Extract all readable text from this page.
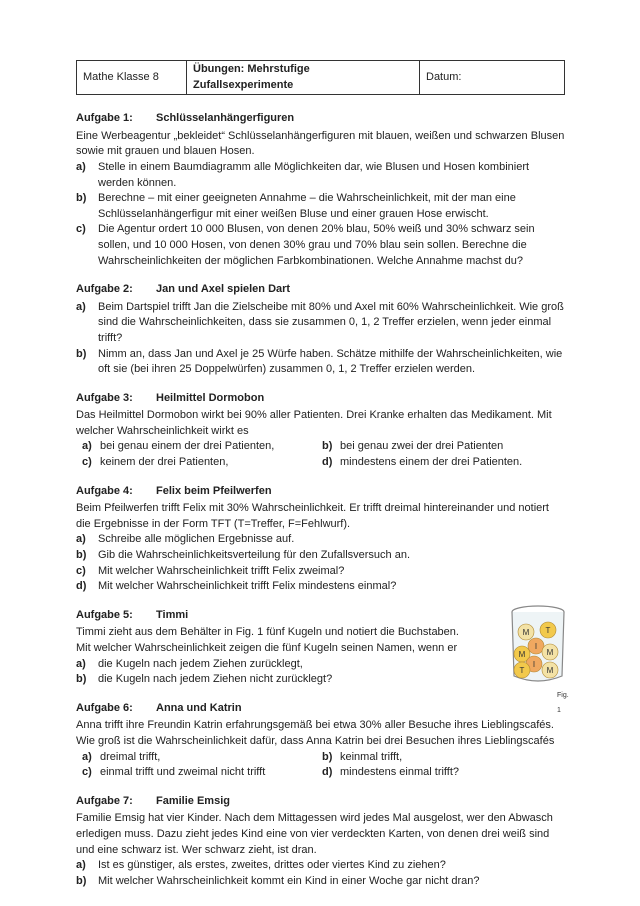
Mathe Klasse 8	Übungen: Mehrstufige Zufallsexperimente	Datum:
Aufgabe 1:	Schlüsselanhängerfiguren

Eine Werbeagentur „bekleidet“ Schlüsselanhängerfiguren mit blauen, weißen und schwarzen Blusen sowie mit grauen und blauen Hosen.

a)	Stelle in einem Baumdiagramm alle Möglichkeiten dar, wie Blusen und Hosen kombiniert werden können.
b)	Berechne – mit einer geeigneten Annahme – die Wahrscheinlichkeit, mit der man eine Schlüsselanhängerfigur mit einer weißen Bluse und einer grauen Hose erwischt.
c)	Die Agentur ordert 10 000 Blusen, von denen 20% blau, 50% weiß und 30% schwarz sein sollen, und 10 000 Hosen, von denen 30% grau und 70% blau sein sollen. Berechne die Wahrscheinlichkeiten der möglichen Farbkombinationen. Welche Annahme machst du?
Aufgabe 2:	Jan und Axel spielen Dart
a)	Beim Dartspiel trifft Jan die Zielscheibe mit 80% und Axel mit 60% Wahrscheinlichkeit. Wie groß sind die Wahrscheinlichkeiten, dass sie zusammen 0, 1, 2 Treffer erzielen, wenn jeder einmal trifft?
b)	Nimm an, dass Jan und Axel je 25 Würfe haben. Schätze mithilfe der Wahrscheinlichkeiten, wie oft sie (bei ihren 25 Doppelwürfen) zusammen 0, 1, 2 Treffer erzielen werden.
Aufgabe 3:	Heilmittel Dormobon

Das Heilmittel Dormobon wirkt bei 90% aller Patienten. Drei Kranke erhalten das Medikament. Mit welcher Wahrscheinlichkeit wirkt es

a) bei genau einem der drei Patienten,	b) bei genau zwei der drei Patienten
c) keinem der drei Patienten,	d) mindestens einem der drei Patienten.
Aufgabe 4:	Felix beim Pfeilwerfen

Beim Pfeilwerfen trifft Felix mit 30% Wahrscheinlichkeit. Er trifft dreimal hintereinander und notiert die Ergebnisse in der Form TFT (T=Treffer, F=Fehlwurf).

a)	Schreibe alle möglichen Ergebnisse auf.
b)	Gib die Wahrscheinlichkeitsverteilung für den Zufallsversuch an.
c)	Mit welcher Wahrscheinlichkeit trifft Felix zweimal?
d)	Mit welcher Wahrscheinlichkeit trifft Felix mindestens einmal?
Aufgabe 5:	Timmi

Timmi zieht aus dem Behälter in Fig. 1 fünf Kugeln und notiert die Buchstaben. Mit welcher Wahrscheinlichkeit zeigen die fünf Kugeln seinen Namen, wenn er

a)	die Kugeln nach jedem Ziehen zurücklegt,
b)	die Kugeln nach jedem Ziehen nicht zurücklegt?
M T
I
M	M
I
T	M
Fig. 1
Aufgabe 6:	Anna und Katrin

Anna trifft ihre Freundin Katrin erfahrungsgemäß bei etwa 30% aller Besuche ihres Lieblingscafés. Wie groß ist die Wahrscheinlichkeit dafür, dass Anna Katrin bei drei Besuchen ihres Lieblingscafés

a) dreimal trifft,	b) keinmal trifft,
c) einmal trifft und zweimal nicht trifft	d) mindestens einmal trifft?
Aufgabe 7:	Familie Emsig

Familie Emsig hat vier Kinder. Nach dem Mittagessen wird jedes Mal ausgelost, wer den Abwasch erledigen muss. Dazu zieht jedes Kind eine von vier verdeckten Karten, von denen drei weiß sind und eine schwarz ist. Wer schwarz zieht, ist dran.

a)	Ist es günstiger, als erstes, zweites, drittes oder viertes Kind zu ziehen?
b)	Mit welcher Wahrscheinlichkeit kommt ein Kind in einer Woche gar nicht dran?
